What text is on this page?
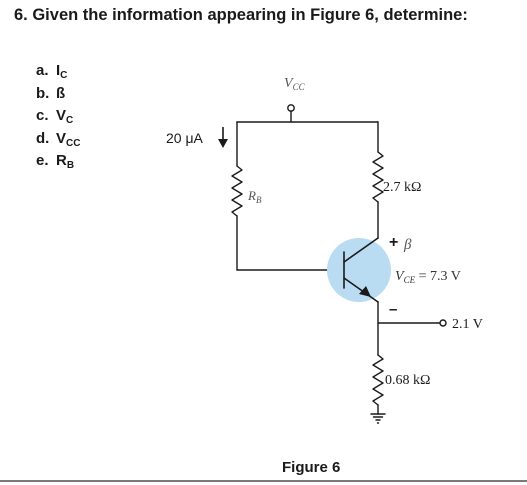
6. Given the information appearing in Figure 6, determine:
a. $I_C$
b. ß
c. $V_C$
d. $V_{CC}$
e. $R_B$
$V_{CC}$
20 μA
$R_B$
2.7 kΩ
+ β
$V_{CE} = 7.3$ V
–
2.1 V
0.68 kΩ
Figure 6
